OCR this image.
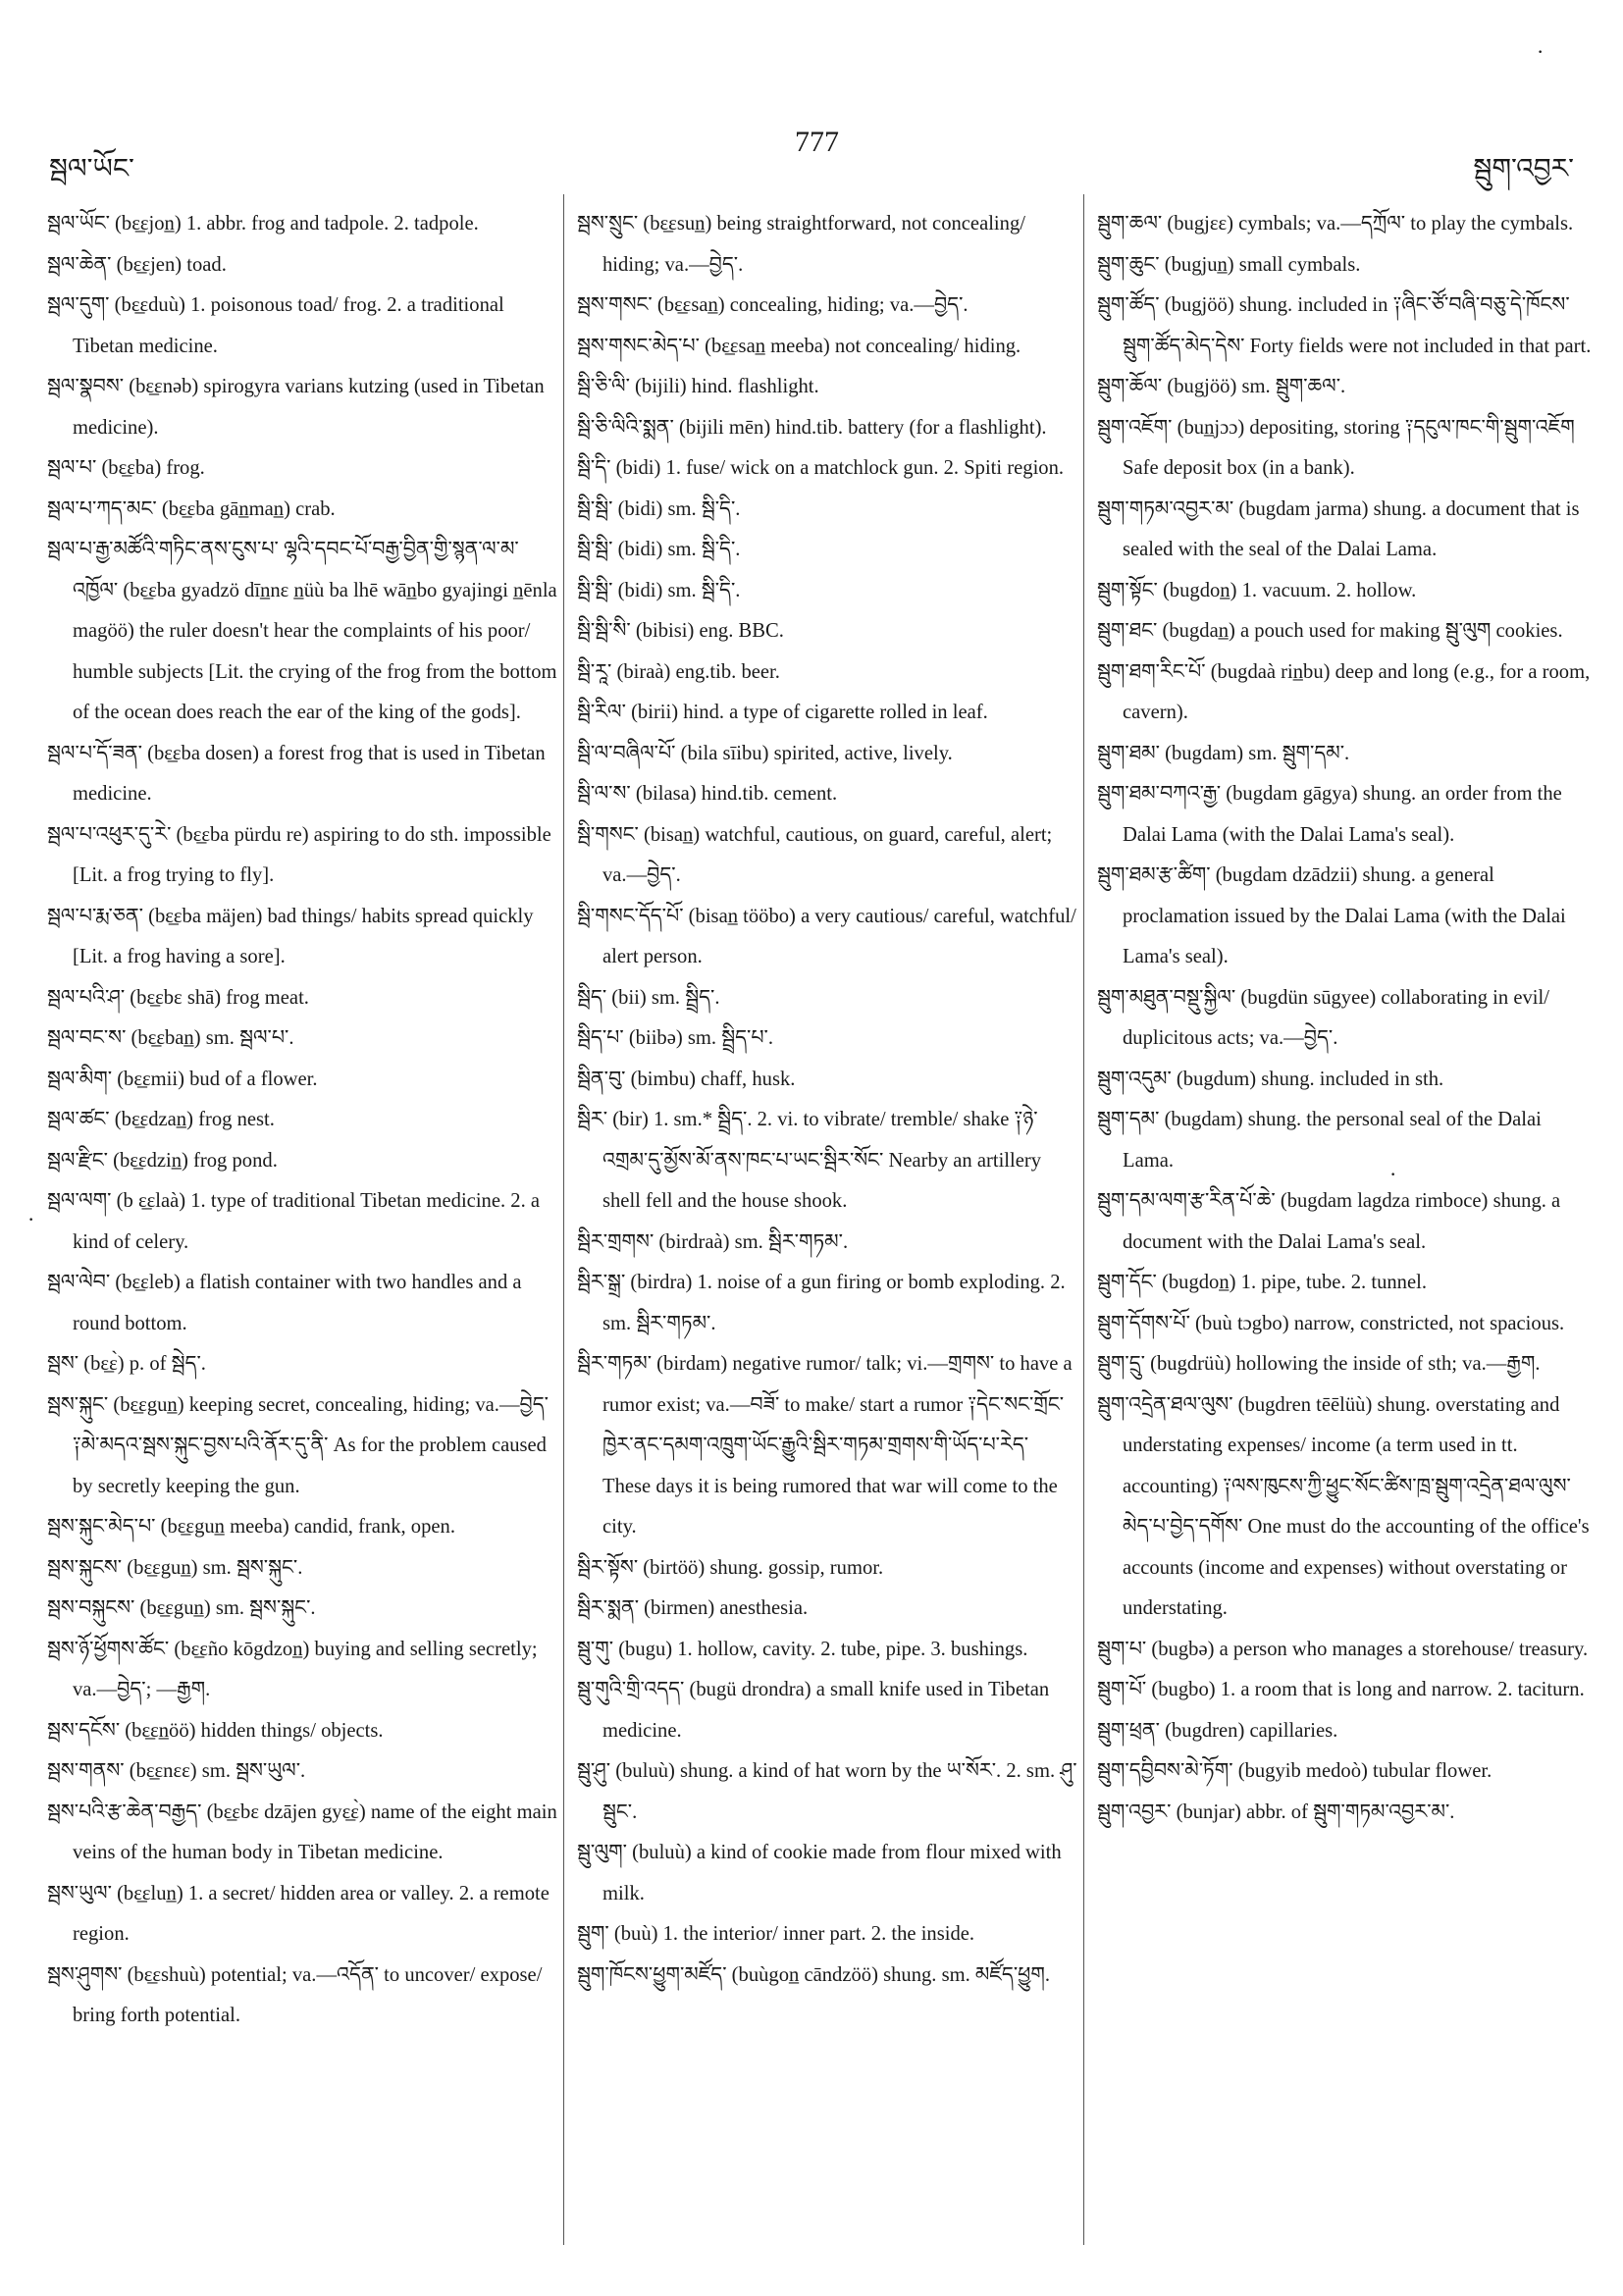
སྦལ་ཡོང་
777
སྦུག་འབྱར་

སྦལ་ཡོང་ (bɛ̲ɛjon̲) 1. abbr. frog and tadpole. 2. tadpole.

སྦལ་ཆེན་ (bɛ̲ɛjen) toad.

སྦལ་དུག་ (bɛ̲ɛduù) 1. poisonous toad/ frog. 2. a traditional Tibetan medicine.

སྦལ་སྣབས་ (bɛ̲ɛnəb) spirogyra varians kutzing (used in Tibetan medicine).

སྦལ་པ་ (bɛ̲ɛba) frog.

སྦལ་པ་ཀད་མང་ (bɛ̲ɛba gān̲man̲) crab.

སྦལ་པ་རྒྱ་མཚོའི་གཏིང་ནས་ངུས་པ་ ལྷའི་དབང་པོ་བརྒྱ་བྱིན་གྱི་སྙན་ལ་མ་འཁྱོལ་ (bɛ̲ɛba gyadzö dīn̲nɛ n̲üù ba lhē wān̲bo gyajingi n̲ēnla magöö) the ruler doesn't hear the complaints of his poor/ humble subjects [Lit. the crying of the frog from the bottom of the ocean does reach the ear of the king of the gods].

སྦལ་པ་དོ་ཟན་ (bɛ̲ɛba dosen) a forest frog that is used in Tibetan medicine.

སྦལ་པ་འཕུར་དུ་རེ་ (bɛ̲ɛba pürdu re) aspiring to do sth. impossible [Lit. a frog trying to fly].

སྦལ་པ་རྨ་ཅན་ (bɛ̲ɛba mäjen) bad things/ habits spread quickly [Lit. a frog having a sore].

སྦལ་པའི་ཤ་ (bɛ̲ɛbɛ shā) frog meat.

སྦལ་བང་ས་ (bɛ̲ɛban̲) sm. སྦལ་པ་.

སྦལ་མིག་ (bɛ̲ɛmii) bud of a flower.

སྦལ་ཚང་ (bɛ̲ɛdzan̲) frog nest.

སྦལ་རྫིང་ (bɛ̲ɛdzin̲) frog pond.

སྦལ་ལག་ (b ɛ̲ɛlaà) 1. type of traditional Tibetan medicine. 2. a kind of celery.

སྦལ་ལེབ་ (bɛ̲ɛleb) a flatish container with two handles and a round bottom.

སྦས་ (bɛ̲ɛ̀) p. of སྦེད་.

སྦས་སྐུང་ (bɛ̲ɛgun̲) keeping secret, concealing, hiding; va.—བྱེད་ ༑མེ་མདའ་སྦས་སྐུང་བྱས་པའི་ནོར་དུ་ནི་ As for the problem caused by secretly keeping the gun.

སྦས་སྐུང་མེད་པ་ (bɛ̲ɛgun̲ meeba) candid, frank, open.

སྦས་སྐུངས་ (bɛ̲ɛgun̲) sm. སྦས་སྐུང་.

སྦས་བསྐུངས་ (bɛ̲ɛgun̲) sm. སྦས་སྐུང་.

སྦས་ཉོ་ཕྱོགས་ཚོང་ (bɛ̲ɛño kōgdzon̲) buying and selling secretly; va.—བྱེད་; —རྒྱག.

སྦས་དངོས་ (bɛ̲ɛn̲öö) hidden things/ objects.

སྦས་གནས་ (bɛ̲ɛnɛɛ) sm. སྦས་ཡུལ་.

སྦས་པའི་རྩ་ཆེན་བརྒྱད་ (bɛ̲ɛbɛ dzājen gyɛ̲ɛ̀) name of the eight main veins of the human body in Tibetan medicine.

སྦས་ཡུལ་ (bɛ̲ɛlun̲) 1. a secret/ hidden area or valley. 2. a remote region.

སྦས་ཤུགས་ (bɛ̲ɛshuù) potential; va.—འདོན་ to uncover/ expose/ bring forth potential.

སྦས་སྲུང་ (bɛ̲ɛsun̲) being straightforward, not concealing/ hiding; va.—བྱེད་.

སྦས་གསང་ (bɛ̲ɛsan̲) concealing, hiding; va.—བྱེད་.

སྦས་གསང་མེད་པ་ (bɛ̲ɛsan̲ meeba) not concealing/ hiding.

སྦི་ཅི་ལི་ (bijili) hind. flashlight.

སྦི་ཅི་ལིའི་སྨན་ (bijili mēn) hind.tib. battery (for a flashlight).

སྦི་དི་ (bidi) 1. fuse/ wick on a matchlock gun. 2. Spiti region.

སྦི་སྦི་ (bidi) sm. སྦི་དི་.

སྦི་སྦི་ (bidi) sm. སྦི་དི་.

སྦི་སྦི་ (bidi) sm. སྦི་དི་.

སྦི་སྦི་སི་ (bibisi) eng. BBC.

སྦི་རཱ་ (biraà) eng.tib. beer.

སྦི་རིལ་ (birii) hind. a type of cigarette rolled in leaf.

སྦི་ལ་བཞིལ་པོ་ (bila sīibu) spirited, active, lively.

སྦི་ལ་ས་ (bilasa) hind.tib. cement.

སྦི་གསང་ (bisan̲) watchful, cautious, on guard, careful, alert; va.—བྱེད་.

སྦི་གསང་དོད་པོ་ (bisan̲ tööbo) a very cautious/ careful, watchful/ alert person.

སྦིད་ (bii) sm. སྦྲིད་.

སྦིད་པ་ (biibə) sm. སྦྲིད་པ་.

སྦིན་བུ་ (bimbu) chaff, husk.

སྦིར་ (bir) 1. sm.* སྦྲིད་. 2. vi. to vibrate/ tremble/ shake ༑ཉེ་འགྲམ་དུ་མྱོས་མོ་ནས་ཁང་པ་ཡང་སྦིར་སོང་ Nearby an artillery shell fell and the house shook.

སྦིར་གྲགས་ (birdraà) sm. སྦིར་གཏམ་.

སྦིར་སྒྲ་ (birdra) 1. noise of a gun firing or bomb exploding. 2. sm. སྦིར་གཏམ་.

སྦིར་གཏམ་ (birdam) negative rumor/ talk; vi.—གྲགས་ to have a rumor exist; va.—བཟོ་ to make/ start a rumor ༑དེང་སང་གྲོང་ཁྱེར་ནང་དམག་འཁྲུག་ཡོང་རྒྱུའི་སྦིར་གཏམ་གྲགས་གི་ཡོད་པ་རེད་ These days it is being rumored that war will come to the city.

སྦིར་སྟོས་ (birtöö) shung. gossip, rumor.

སྦིར་སྨན་ (birmen) anesthesia.

སྦུ་གུ་ (bugu) 1. hollow, cavity. 2. tube, pipe. 3. bushings.

སྦུ་གུའི་གྲི་འདད་ (bugü drondra) a small knife used in Tibetan medicine.

སྦུ་ཤུ་ (buluù) shung. a kind of hat worn by the ཡ་སོར་. 2. sm. ཤུ་སྦུང་.

སྦུ་ལུག་ (buluù) a kind of cookie made from flour mixed with milk.

སྦུག་ (buù) 1. the interior/ inner part. 2. the inside.

སྦུག་ཁོངས་ཕྱུག་མཛོད་ (buùgon̲ cāndzöö) shung. sm. མཛོད་ཕྱུག.

སྦུག་ཆལ་ (bugjɛɛ) cymbals; va.—དཀྲོལ་ to play the cymbals.

སྦུག་ཆུང་ (bugjun̲) small cymbals.

སྦུག་ཚོད་ (bugjöö) shung. included in ༑ཞིང་ཙོ་བཞི་བཅུ་དེ་ཁོངས་སྦུག་ཚོད་མེད་དེས་ Forty fields were not included in that part.

སྦུག་ཆོལ་ (bugjöö) sm. སྦུག་ཆལ་.

སྦུག་འཇོག་ (bun̲jɔɔ) depositing, storing ༑དངུལ་ཁང་གི་སྦུག་འཇོག Safe deposit box (in a bank).

སྦུག་གཏམ་འབྱར་མ་ (bugdam jarma) shung. a document that is sealed with the seal of the Dalai Lama.

སྦུག་སྟོང་ (bugdon̲) 1. vacuum. 2. hollow.

སྦུག་ཐང་ (bugdan̲) a pouch used for making སྦུ་ལུག cookies.

སྦུག་ཐག་རིང་པོ་ (bugdaà rin̲bu) deep and long (e.g., for a room, cavern).

སྦུག་ཐམ་ (bugdam) sm. སྦུག་དམ་.

སྦུག་ཐམ་བཀའ་རྒྱ་ (bugdam gāgya) shung. an order from the Dalai Lama (with the Dalai Lama's seal).

སྦུག་ཐམ་རྩ་ཚིག་ (bugdam dzādzii) shung. a general proclamation issued by the Dalai Lama (with the Dalai Lama's seal).

སྦུག་མཐུན་བསྡུ་སྐྱིལ་ (bugdün sūgyee) collaborating in evil/ duplicitous acts; va.—བྱེད་.

སྦུག་འདུམ་ (bugdum) shung. included in sth.

སྦུག་དམ་ (bugdam) shung. the personal seal of the Dalai Lama.

སྦུག་དམ་ལག་རྩ་རིན་པོ་ཆེ་ (bugdam lagdza rimboce) shung. a document with the Dalai Lama's seal.

སྦུག་དོང་ (bugdon̲) 1. pipe, tube. 2. tunnel.

སྦུག་དོགས་པོ་ (buù tɔgbo) narrow, constricted, not spacious.

སྦུག་དྲུ་ (bugdrüù) hollowing the inside of sth; va.—རྒྱག.

སྦུག་འདྲེན་ཐལ་ལུས་ (bugdren tēēlüù) shung. overstating and understating expenses/ income (a term used in tt. accounting) ༑ལས་ཁུངས་ཀྱི་ཕྱུང་སོང་ཚིས་ཁྲ་སྦུག་འདྲེན་ཐལ་ལུས་མེད་པ་བྱེད་དགོས་ One must do the accounting of the office's accounts (income and expenses) without overstating or understating.

སྦུག་པ་ (bugbə) a person who manages a storehouse/ treasury.

སྦུག་པོ་ (bugbo) 1. a room that is long and narrow. 2. taciturn.

སྦུག་ཕྲན་ (bugdren) capillaries.

སྦུག་དབྱིབས་མེ་ཏོག་ (bugyib medoò) tubular flower.

སྦུག་འབྱར་ (bunjar) abbr. of སྦུག་གཏམ་འབྱར་མ་.

·
·
·
